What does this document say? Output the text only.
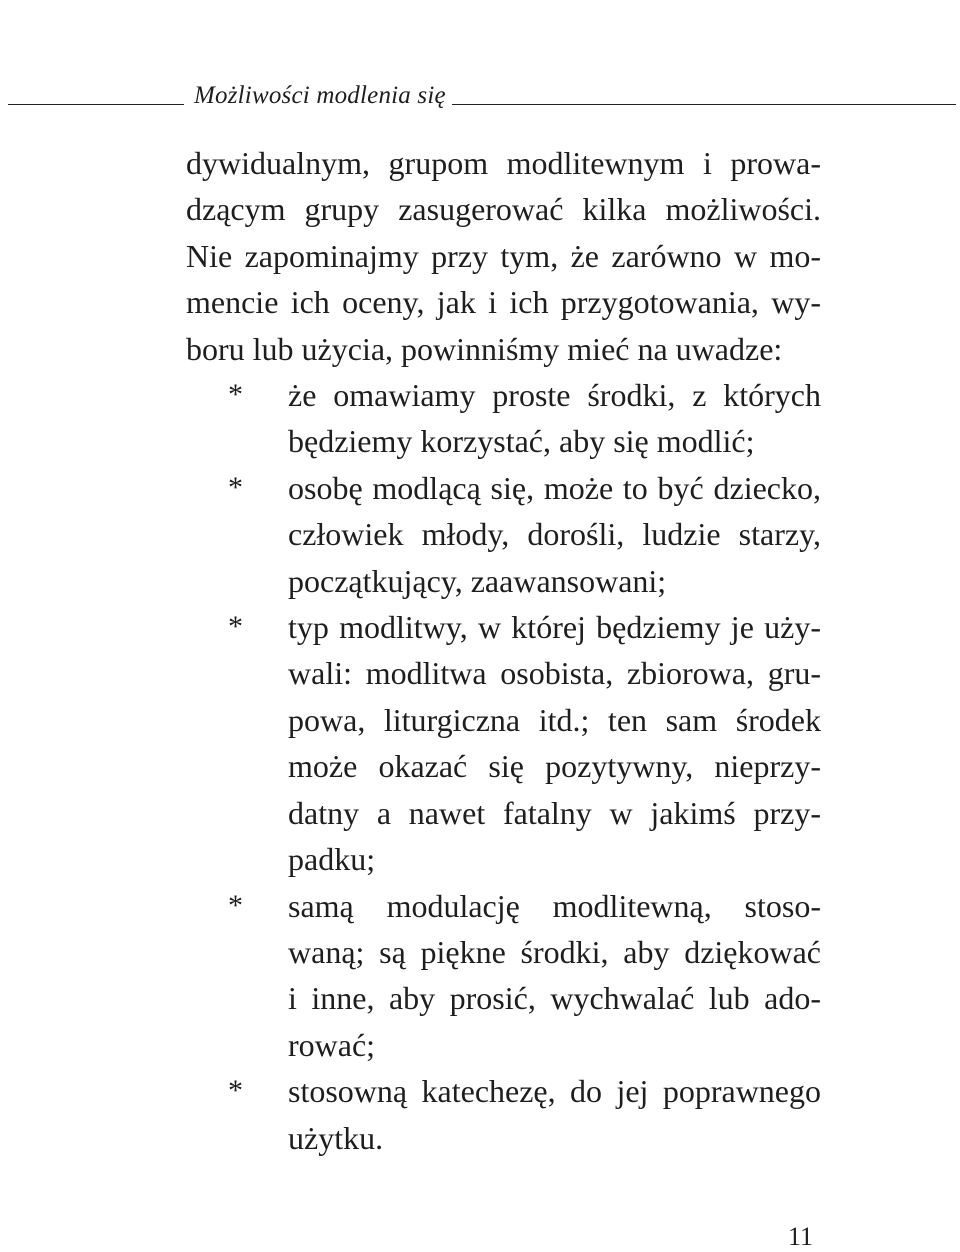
Możliwości modlenia się
dywidualnym, grupom modlitewnym i prowa-
dzącym grupy zasugerować kilka możliwości.
Nie zapominajmy przy tym, że zarówno w mo-
mencie ich oceny, jak i ich przygotowania, wy-
boru lub użycia, powinniśmy mieć na uwadze:
* że omawiamy proste środki, z których
będziemy korzystać, aby się modlić;
* osobę modlącą się, może to być dziecko,
człowiek młody, dorośli, ludzie starzy,
początkujący, zaawansowani;
* typ modlitwy, w której będziemy je uży-
wali: modlitwa osobista, zbiorowa, gru-
powa, liturgiczna itd.; ten sam środek
może okazać się pozytywny, nieprzy-
datny a nawet fatalny w jakimś przy-
padku;
* samą modulację modlitewną, stoso-
waną; są piękne środki, aby dziękować
i inne, aby prosić, wychwalać lub ado-
rować;
* stosowną katechezę, do jej poprawnego
użytku.
11
